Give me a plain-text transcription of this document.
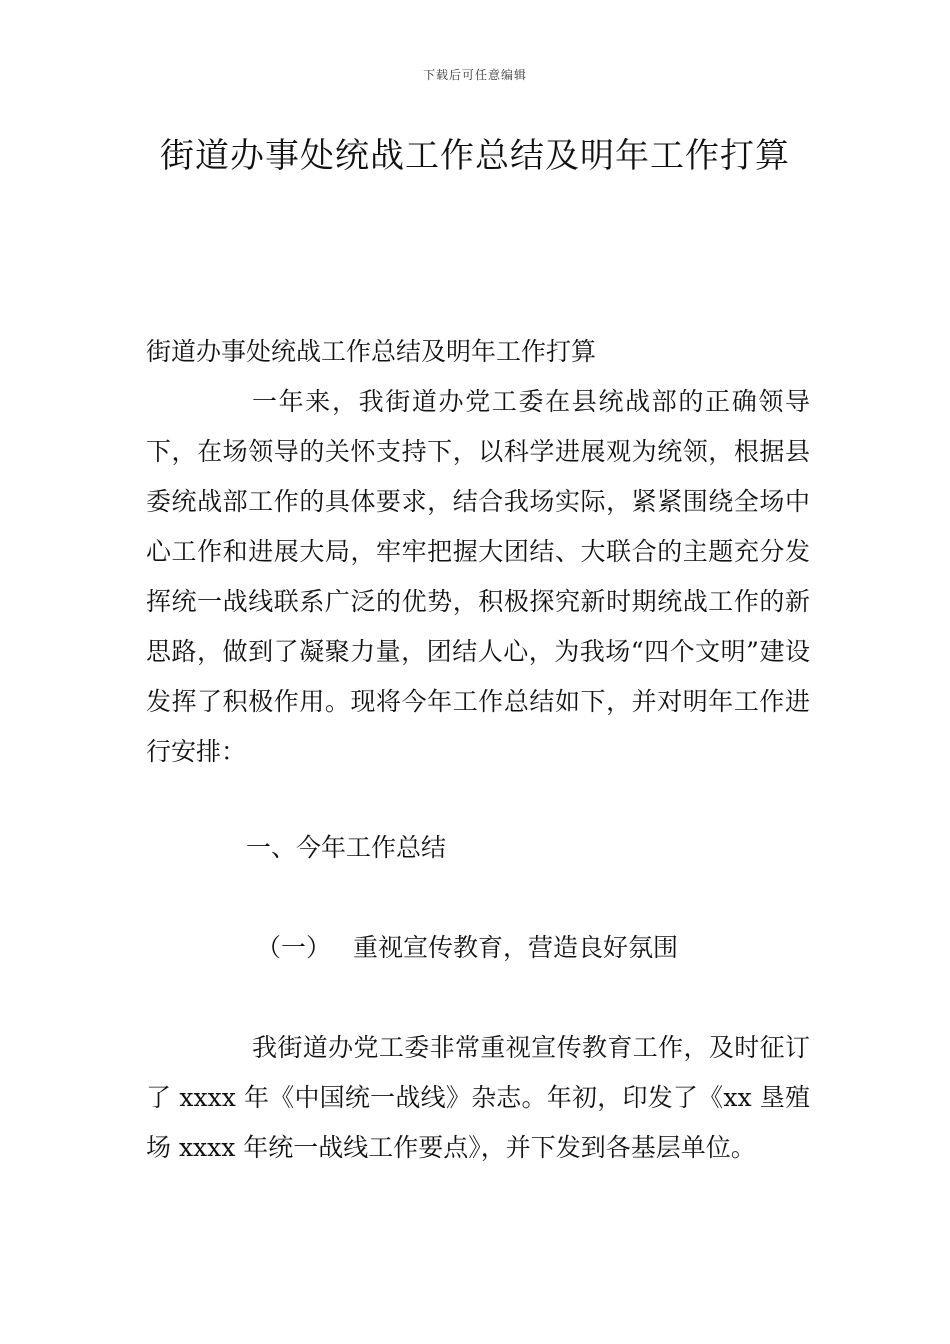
下载后可任意编辑
街道办事处统战工作总结及明年工作打算
街道办事处统战工作总结及明年工作打算
一年来，我街道办党工委在县统战部的正确领导下，在场领导的关怀支持下，以科学进展观为统领，根据县委统战部工作的具体要求，结合我场实际，紧紧围绕全场中心工作和进展大局，牢牢把握大团结、大联合的主题充分发挥统一战线联系广泛的优势，积极探究新时期统战工作的新思路，做到了凝聚力量，团结人心，为我场“四个文明”建设发挥了积极作用。现将今年工作总结如下，并对明年工作进行安排：
一、今年工作总结
（一） 重视宣传教育，营造良好氛围
我街道办党工委非常重视宣传教育工作，及时征订了 xxxx 年《中国统一战线》杂志。年初，印发了《xx 垦殖场 xxxx 年统一战线工作要点》，并下发到各基层单位。
